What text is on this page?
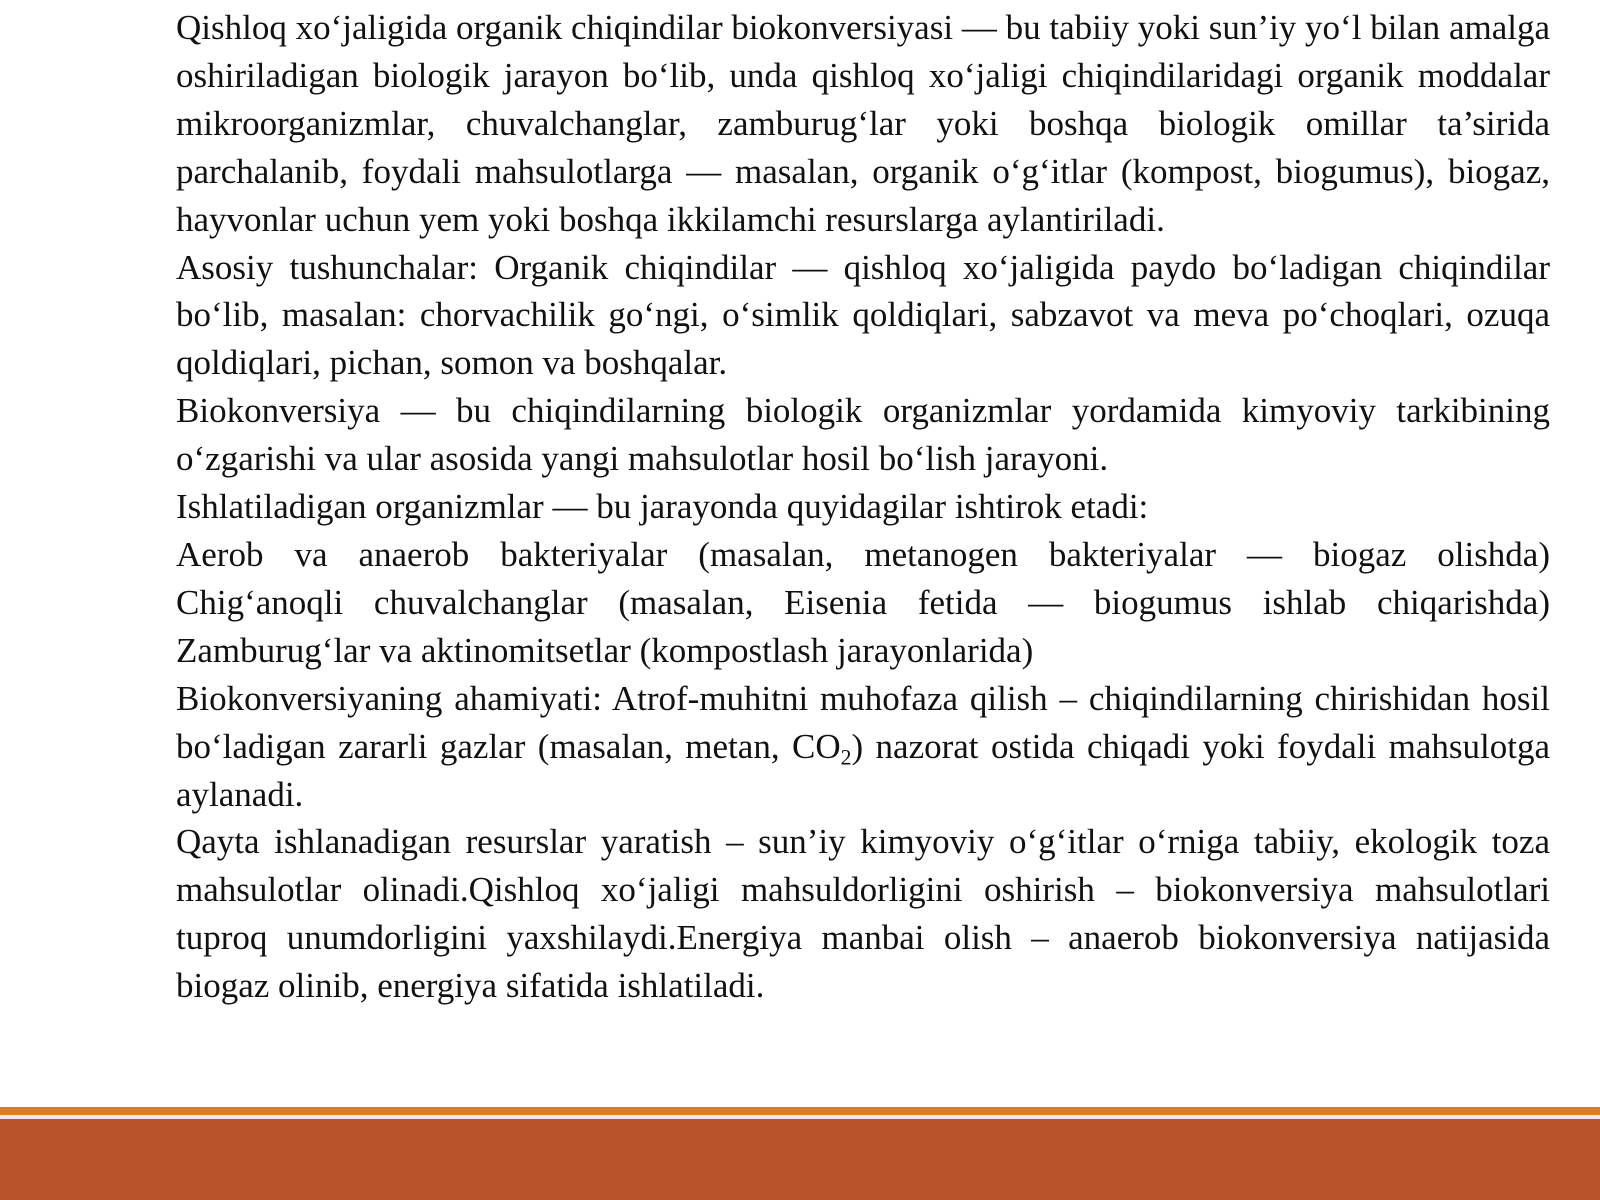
Qishloq xo‘jaligida organik chiqindilar biokonversiyasi — bu tabiiy yoki sun’iy yo‘l bilan amalga oshiriladigan biologik jarayon bo‘lib, unda qishloq xo‘jaligi chiqindilaridagi organik moddalar mikroorganizmlar, chuvalchanglar, zamburug‘lar yoki boshqa biologik omillar ta’sirida parchalanib, foydali mahsulotlarga — masalan, organik o‘g‘itlar (kompost, biogumus), biogaz, hayvonlar uchun yem yoki boshqa ikkilamchi resurslarga aylantiriladi.

Asosiy tushunchalar: Organik chiqindilar — qishloq xo‘jaligida paydo bo‘ladigan chiqindilar bo‘lib, masalan: chorvachilik go‘ngi, o‘simlik qoldiqlari, sabzavot va meva po‘choqlari, ozuqa qoldiqlari, pichan, somon va boshqalar.

Biokonversiya — bu chiqindilarning biologik organizmlar yordamida kimyoviy tarkibining o‘zgarishi va ular asosida yangi mahsulotlar hosil bo‘lish jarayoni.

Ishlatiladigan organizmlar — bu jarayonda quyidagilar ishtirok etadi:

Aerob va anaerob bakteriyalar (masalan, metanogen bakteriyalar — biogaz olishda)

Chig‘anoqli chuvalchanglar (masalan, Eisenia fetida — biogumus ishlab chiqarishda)

Zamburug‘lar va aktinomitsetlar (kompostlash jarayonlarida)

Biokonversiyaning ahamiyati: Atrof-muhitni muhofaza qilish – chiqindilarning chirishidan hosil bo‘ladigan zararli gazlar (masalan, metan, $CO_2$) nazorat ostida chiqadi yoki foydali mahsulotga aylanadi.

Qayta ishlanadigan resurslar yaratish – sun’iy kimyoviy o‘g‘itlar o‘rniga tabiiy, ekologik toza mahsulotlar olinadi.Qishloq xo‘jaligi mahsuldorligini oshirish – biokonversiya mahsulotlari tuproq unumdorligini yaxshilaydi.Energiya manbai olish – anaerob biokonversiya natijasida biogaz olinib, energiya sifatida ishlatiladi.
